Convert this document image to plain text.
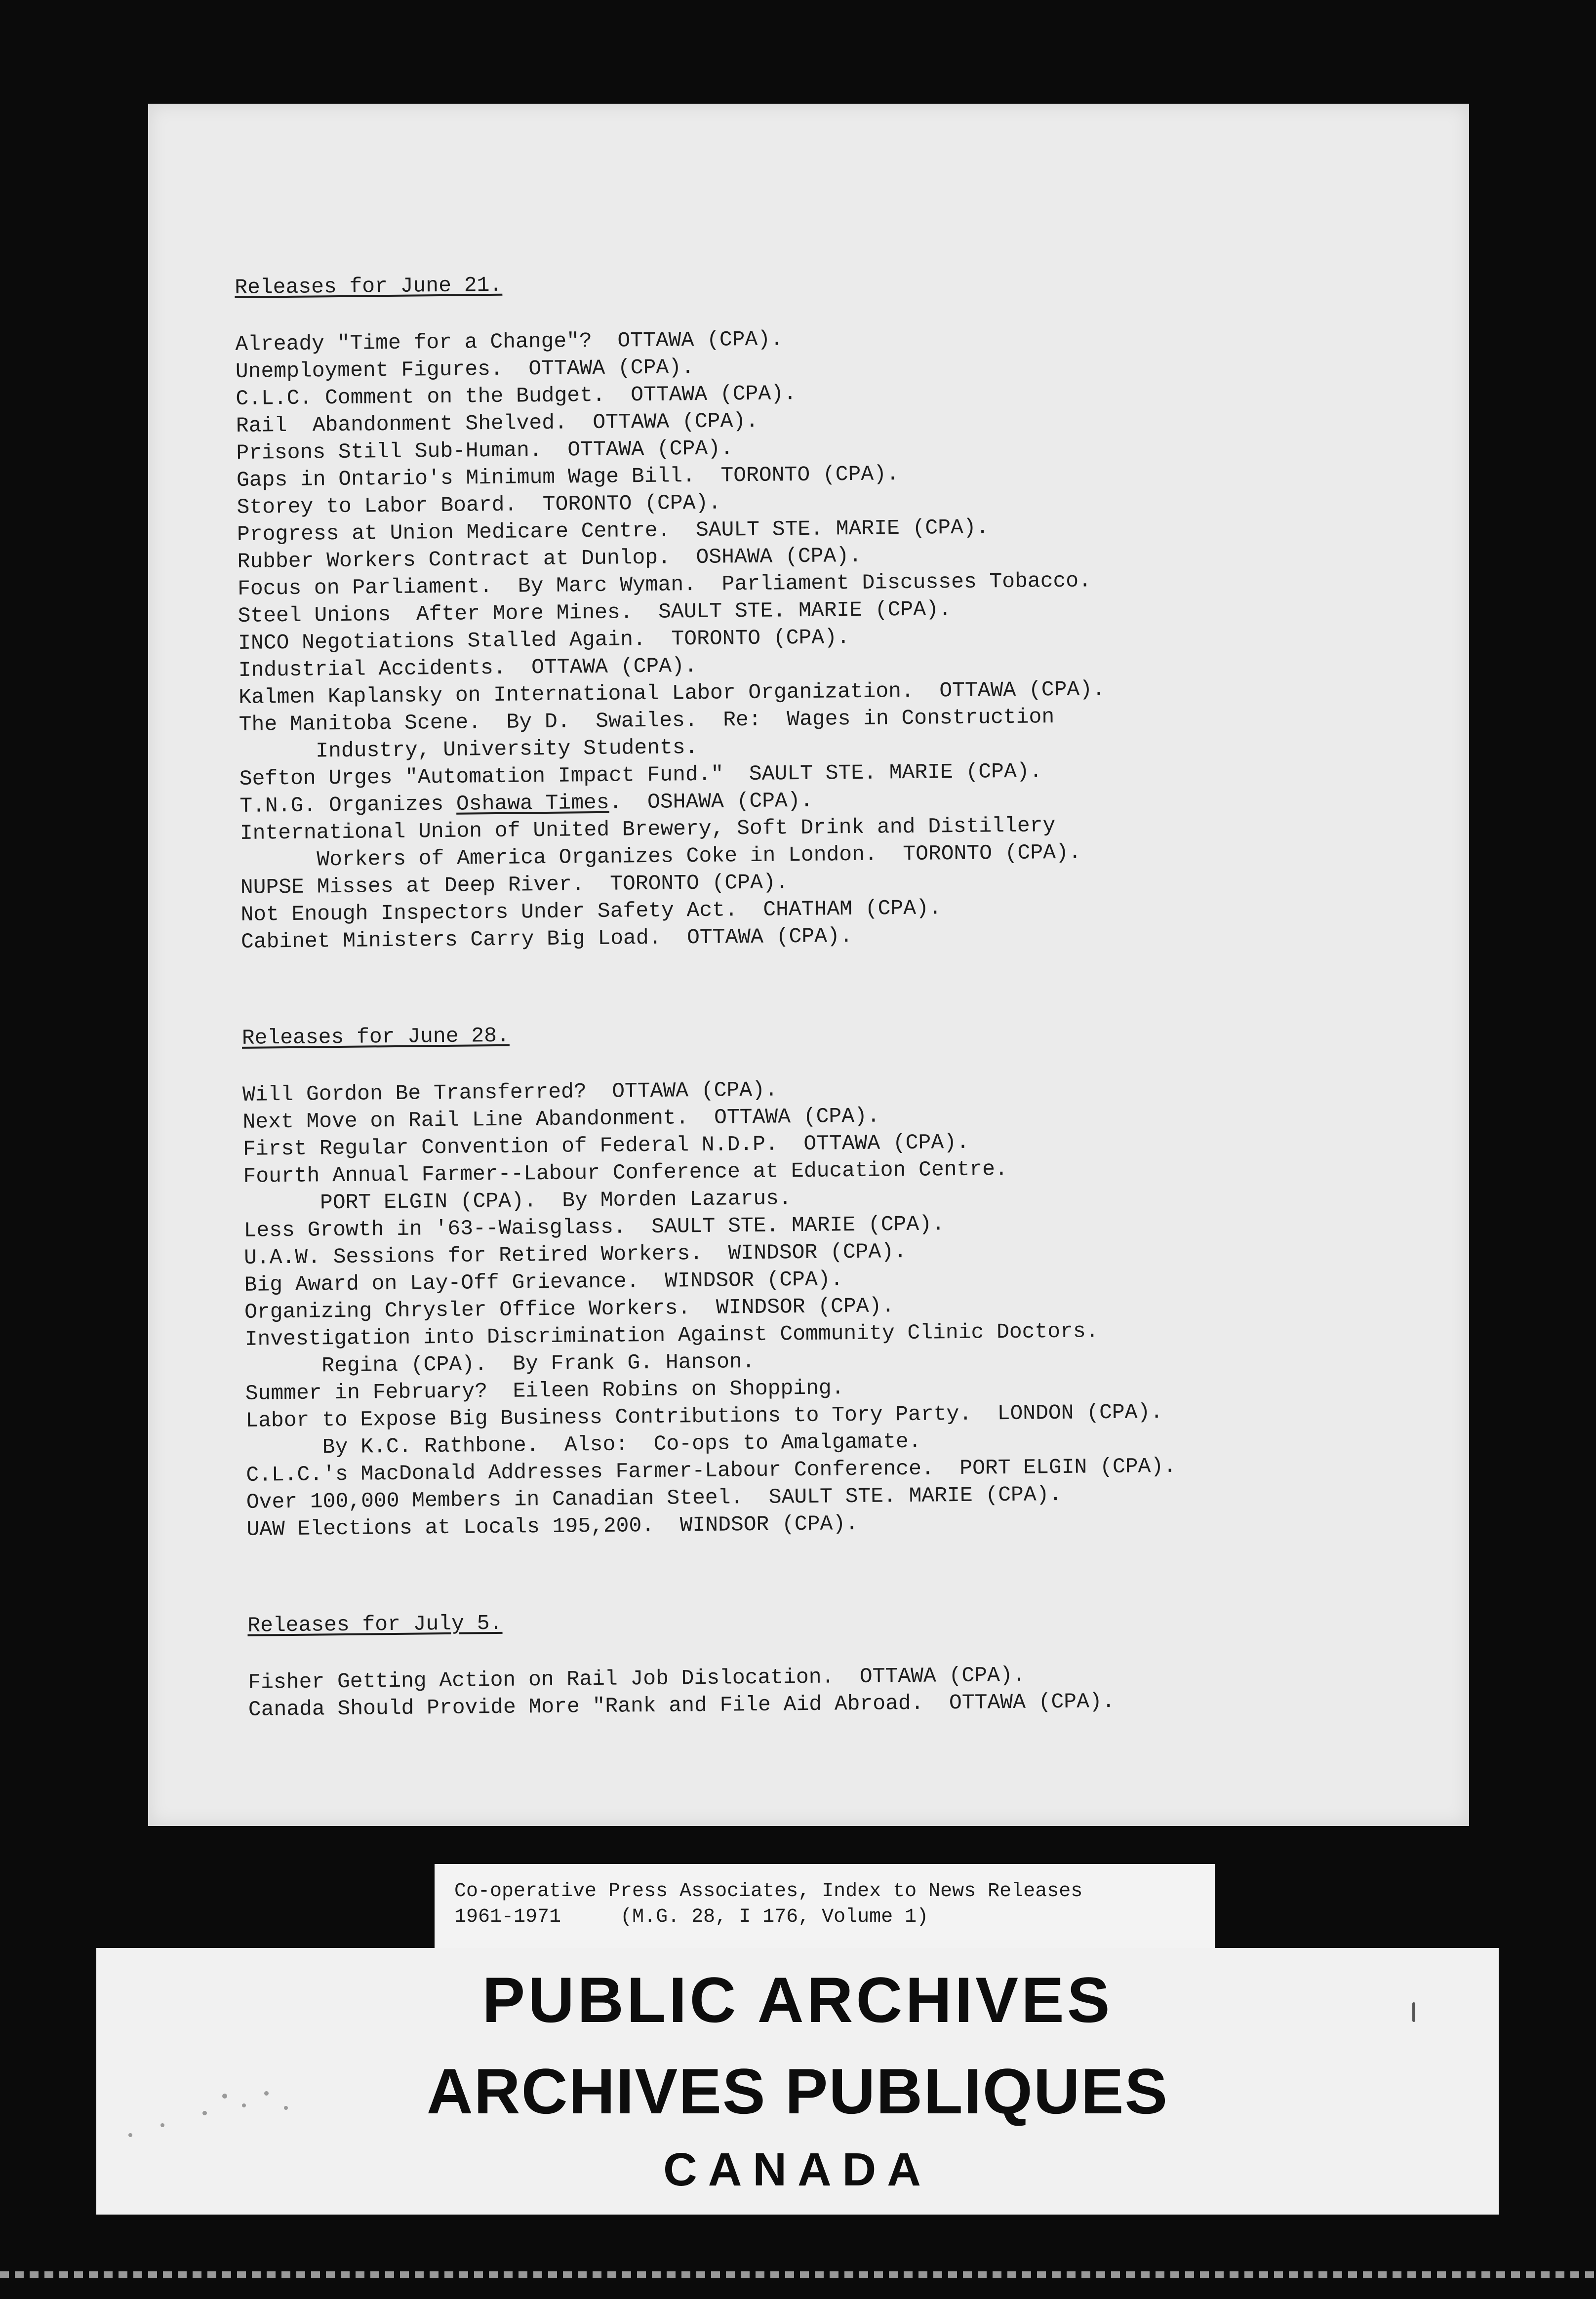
Releases for June 21.
Already "Time for a Change"?  OTTAWA (CPA).
Unemployment Figures.  OTTAWA (CPA).
C.L.C. Comment on the Budget.  OTTAWA (CPA).
Rail  Abandonment Shelved.  OTTAWA (CPA).
Prisons Still Sub-Human.  OTTAWA (CPA).
Gaps in Ontario's Minimum Wage Bill.  TORONTO (CPA).
Storey to Labor Board.  TORONTO (CPA).
Progress at Union Medicare Centre.  SAULT STE. MARIE (CPA).
Rubber Workers Contract at Dunlop.  OSHAWA (CPA).
Focus on Parliament.  By Marc Wyman.  Parliament Discusses Tobacco.
Steel Unions  After More Mines.  SAULT STE. MARIE (CPA).
INCO Negotiations Stalled Again.  TORONTO (CPA).
Industrial Accidents.  OTTAWA (CPA).
Kalmen Kaplansky on International Labor Organization.  OTTAWA (CPA).
The Manitoba Scene.  By D.  Swailes.  Re:  Wages in Construction
Industry, University Students.
Sefton Urges "Automation Impact Fund."  SAULT STE. MARIE (CPA).
T.N.G. Organizes Oshawa Times.  OSHAWA (CPA).
International Union of United Brewery, Soft Drink and Distillery
Workers of America Organizes Coke in London.  TORONTO (CPA).
NUPSE Misses at Deep River.  TORONTO (CPA).
Not Enough Inspectors Under Safety Act.  CHATHAM (CPA).
Cabinet Ministers Carry Big Load.  OTTAWA (CPA).
Releases for June 28.
Will Gordon Be Transferred?  OTTAWA (CPA).
Next Move on Rail Line Abandonment.  OTTAWA (CPA).
First Regular Convention of Federal N.D.P.  OTTAWA (CPA).
Fourth Annual Farmer--Labour Conference at Education Centre.
PORT ELGIN (CPA).  By Morden Lazarus.
Less Growth in '63--Waisglass.  SAULT STE. MARIE (CPA).
U.A.W. Sessions for Retired Workers.  WINDSOR (CPA).
Big Award on Lay-Off Grievance.  WINDSOR (CPA).
Organizing Chrysler Office Workers.  WINDSOR (CPA).
Investigation into Discrimination Against Community Clinic Doctors.
Regina (CPA).  By Frank G. Hanson.
Summer in February?  Eileen Robins on Shopping.
Labor to Expose Big Business Contributions to Tory Party.  LONDON (CPA).
By K.C. Rathbone.  Also:  Co-ops to Amalgamate.
C.L.C.'s MacDonald Addresses Farmer-Labour Conference.  PORT ELGIN (CPA).
Over 100,000 Members in Canadian Steel.  SAULT STE. MARIE (CPA).
UAW Elections at Locals 195,200.  WINDSOR (CPA).
Releases for July 5.
Fisher Getting Action on Rail Job Dislocation.  OTTAWA (CPA).
Canada Should Provide More "Rank and File Aid Abroad.  OTTAWA (CPA).
Co-operative Press Associates, Index to News Releases
1961-1971	(M.G. 28, I 176, Volume 1)
PUBLIC ARCHIVES
ARCHIVES PUBLIQUES
CANADA
